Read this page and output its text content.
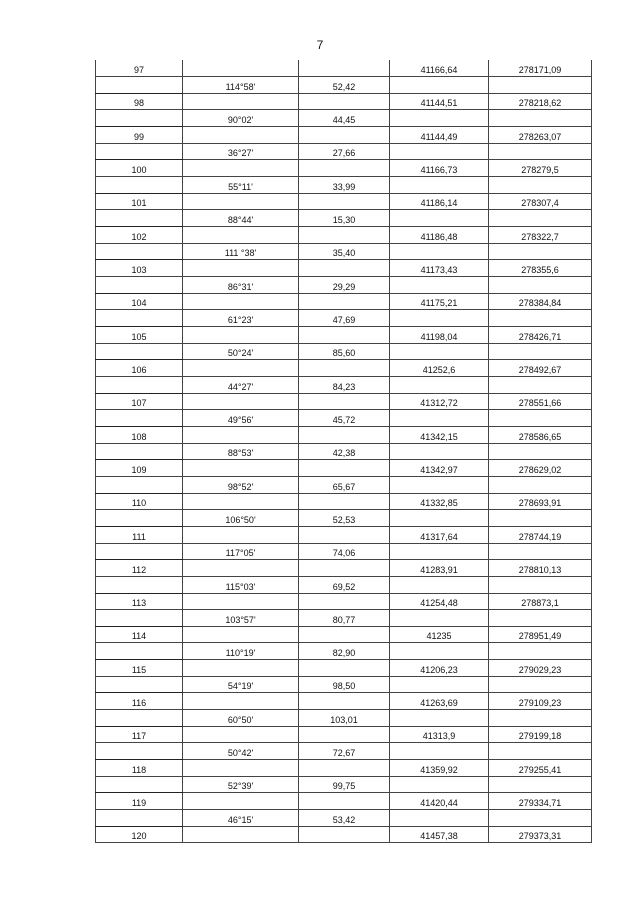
7
97			41166,64	278171,09
	114°58'	52,42		
98			41144,51	278218,62
	90°02'	44,45		
99			41144,49	278263,07
	36°27'	27,66		
100			41166,73	278279,5
	55°11'	33,99		
101			41186,14	278307,4
	88°44'	15,30		
102			41186,48	278322,7
	111 °38'	35,40		
103			41173,43	278355,6
	86°31'	29,29		
104			41175,21	278384,84
	61°23'	47,69		
105			41198,04	278426,71
	50°24'	85,60		
106			41252,6	278492,67
	44°27'	84,23		
107			41312,72	278551,66
	49°56'	45,72		
108			41342,15	278586,65
	88°53'	42,38		
109			41342,97	278629,02
	98°52'	65,67		
110			41332,85	278693,91
	106°50'	52,53		
111			41317,64	278744,19
	117°05'	74,06		
112			41283,91	278810,13
	115°03'	69,52		
113			41254,48	278873,1
	103°57'	80,77		
114			41235	278951,49
	110°19'	82,90		
115			41206,23	279029,23
	54°19'	98,50		
116			41263,69	279109,23
	60°50'	103,01		
117			41313,9	279199,18
	50°42'	72,67		
118			41359,92	279255,41
	52°39'	99,75		
119			41420,44	279334,71
	46°15'	53,42		
120			41457,38	279373,31
